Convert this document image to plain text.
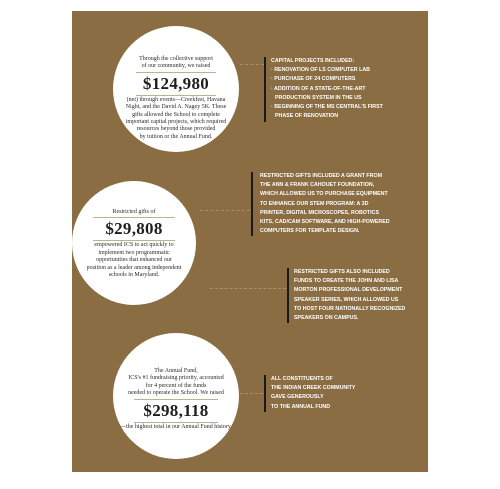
Through the collective support

of our community, we raised

$124,980

(net) through events—Creekfest, Havana

Night, and the David A. Nagey 5K. These

gifts allowed the School to complete

important capital projects, which required

resources beyond those provided

by tuition or the Annual Fund.

Restricted gifts of

$29,808

empowered ICS to act quickly to

implement two programmatic

opportunities that enhanced our

position as a leader among independent

schools in Maryland.

The Annual Fund,

ICS's #1 fundraising priority, accounted

for 4 percent of the funds

needed to operate the School. We raised

$298,118

—the highest total in our Annual Fund history.

CAPITAL PROJECTS INCLUDED:
· RENOVATION OF LS COMPUTER LAB
· PURCHASE OF 24 COMPUTERS
· ADDITION OF A STATE-OF-THE-ART
PRODUCTION SYSTEM IN THE US
· BEGINNING OF THE MS CENTRAL'S FIRST
PHASE OF RENOVATION
RESTRICTED GIFTS INCLUDED A GRANT FROM
THE ANN & FRANK CAHOUET FOUNDATION,
WHICH ALLOWED US TO PURCHASE EQUIPMENT
TO ENHANCE OUR STEM PROGRAM: A 3D
PRINTER, DIGITAL MICROSCOPES, ROBOTICS
KITS, CAD/CAM SOFTWARE, AND HIGH-POWERED
COMPUTERS FOR TEMPLATE DESIGN.
RESTRICTED GIFTS ALSO INCLUDED
FUNDS TO CREATE THE JOHN AND LISA
MORTON PROFESSIONAL DEVELOPMENT
SPEAKER SERIES, WHICH ALLOWED US
TO HOST FOUR NATIONALLY RECOGNIZED
SPEAKERS ON CAMPUS.
ALL CONSTITUENTS OF
THE INDIAN CREEK COMMUNITY
GAVE GENEROUSLY
TO THE ANNUAL FUND
